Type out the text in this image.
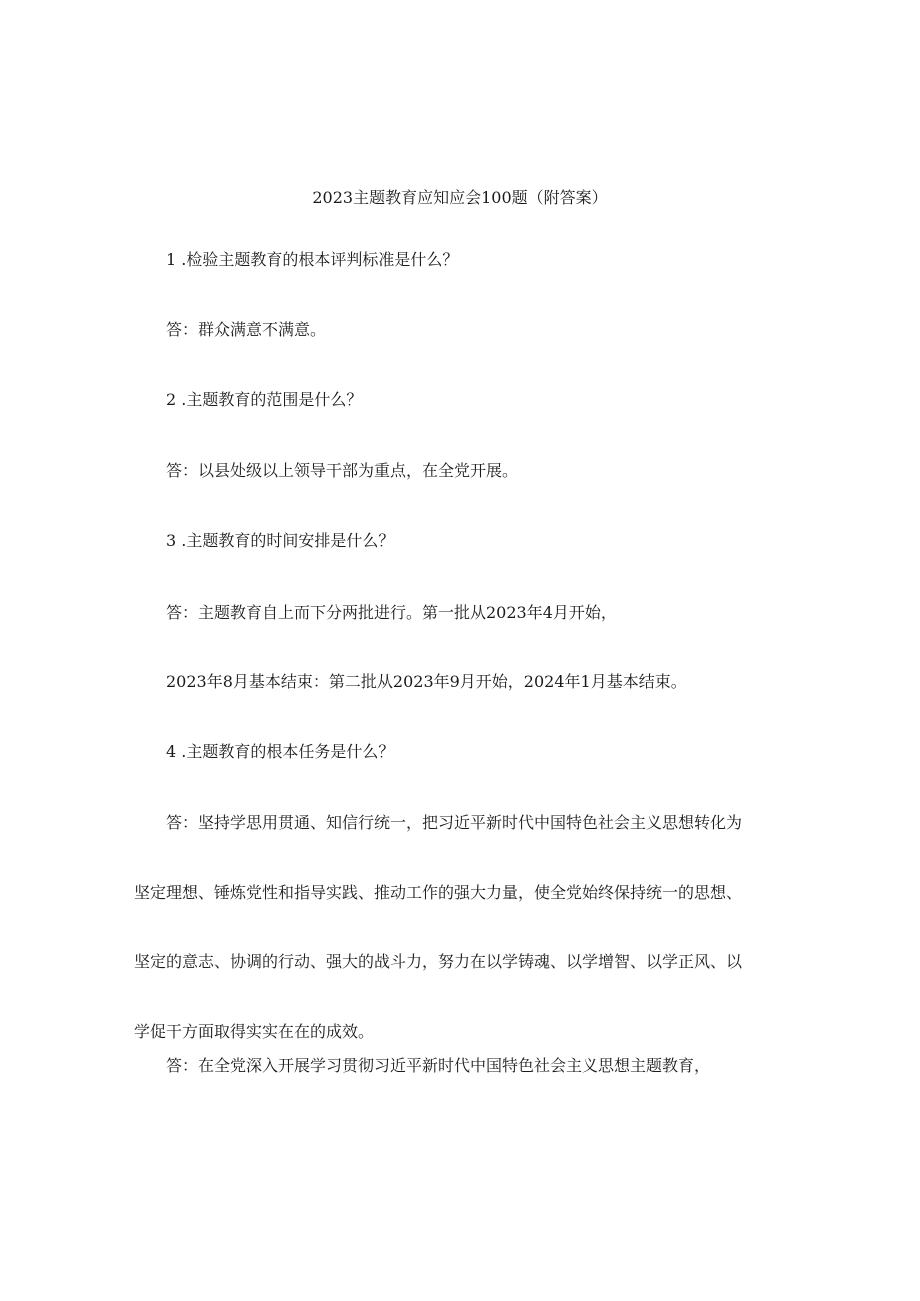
2023主题教育应知应会100题（附答案）
1 .检验主题教育的根本评判标准是什么？
答：群众满意不满意。
2 .主题教育的范围是什么？
答：以县处级以上领导干部为重点，在全党开展。
3 .主题教育的时间安排是什么？
答：主题教育自上而下分两批进行。第一批从2023年4月开始，
2023年8月基本结束：第二批从2023年9月开始，2024年1月基本结束。
4 .主题教育的根本任务是什么？
答：坚持学思用贯通、知信行统一，把习近平新时代中国特色社会主义思想转化为
坚定理想、锤炼党性和指导实践、推动工作的强大力量，使全党始终保持统一的思想、
坚定的意志、协调的行动、强大的战斗力，努力在以学铸魂、以学增智、以学正风、以
学促干方面取得实实在在的成效。
答：在全党深入开展学习贯彻习近平新时代中国特色社会主义思想主题教育，
